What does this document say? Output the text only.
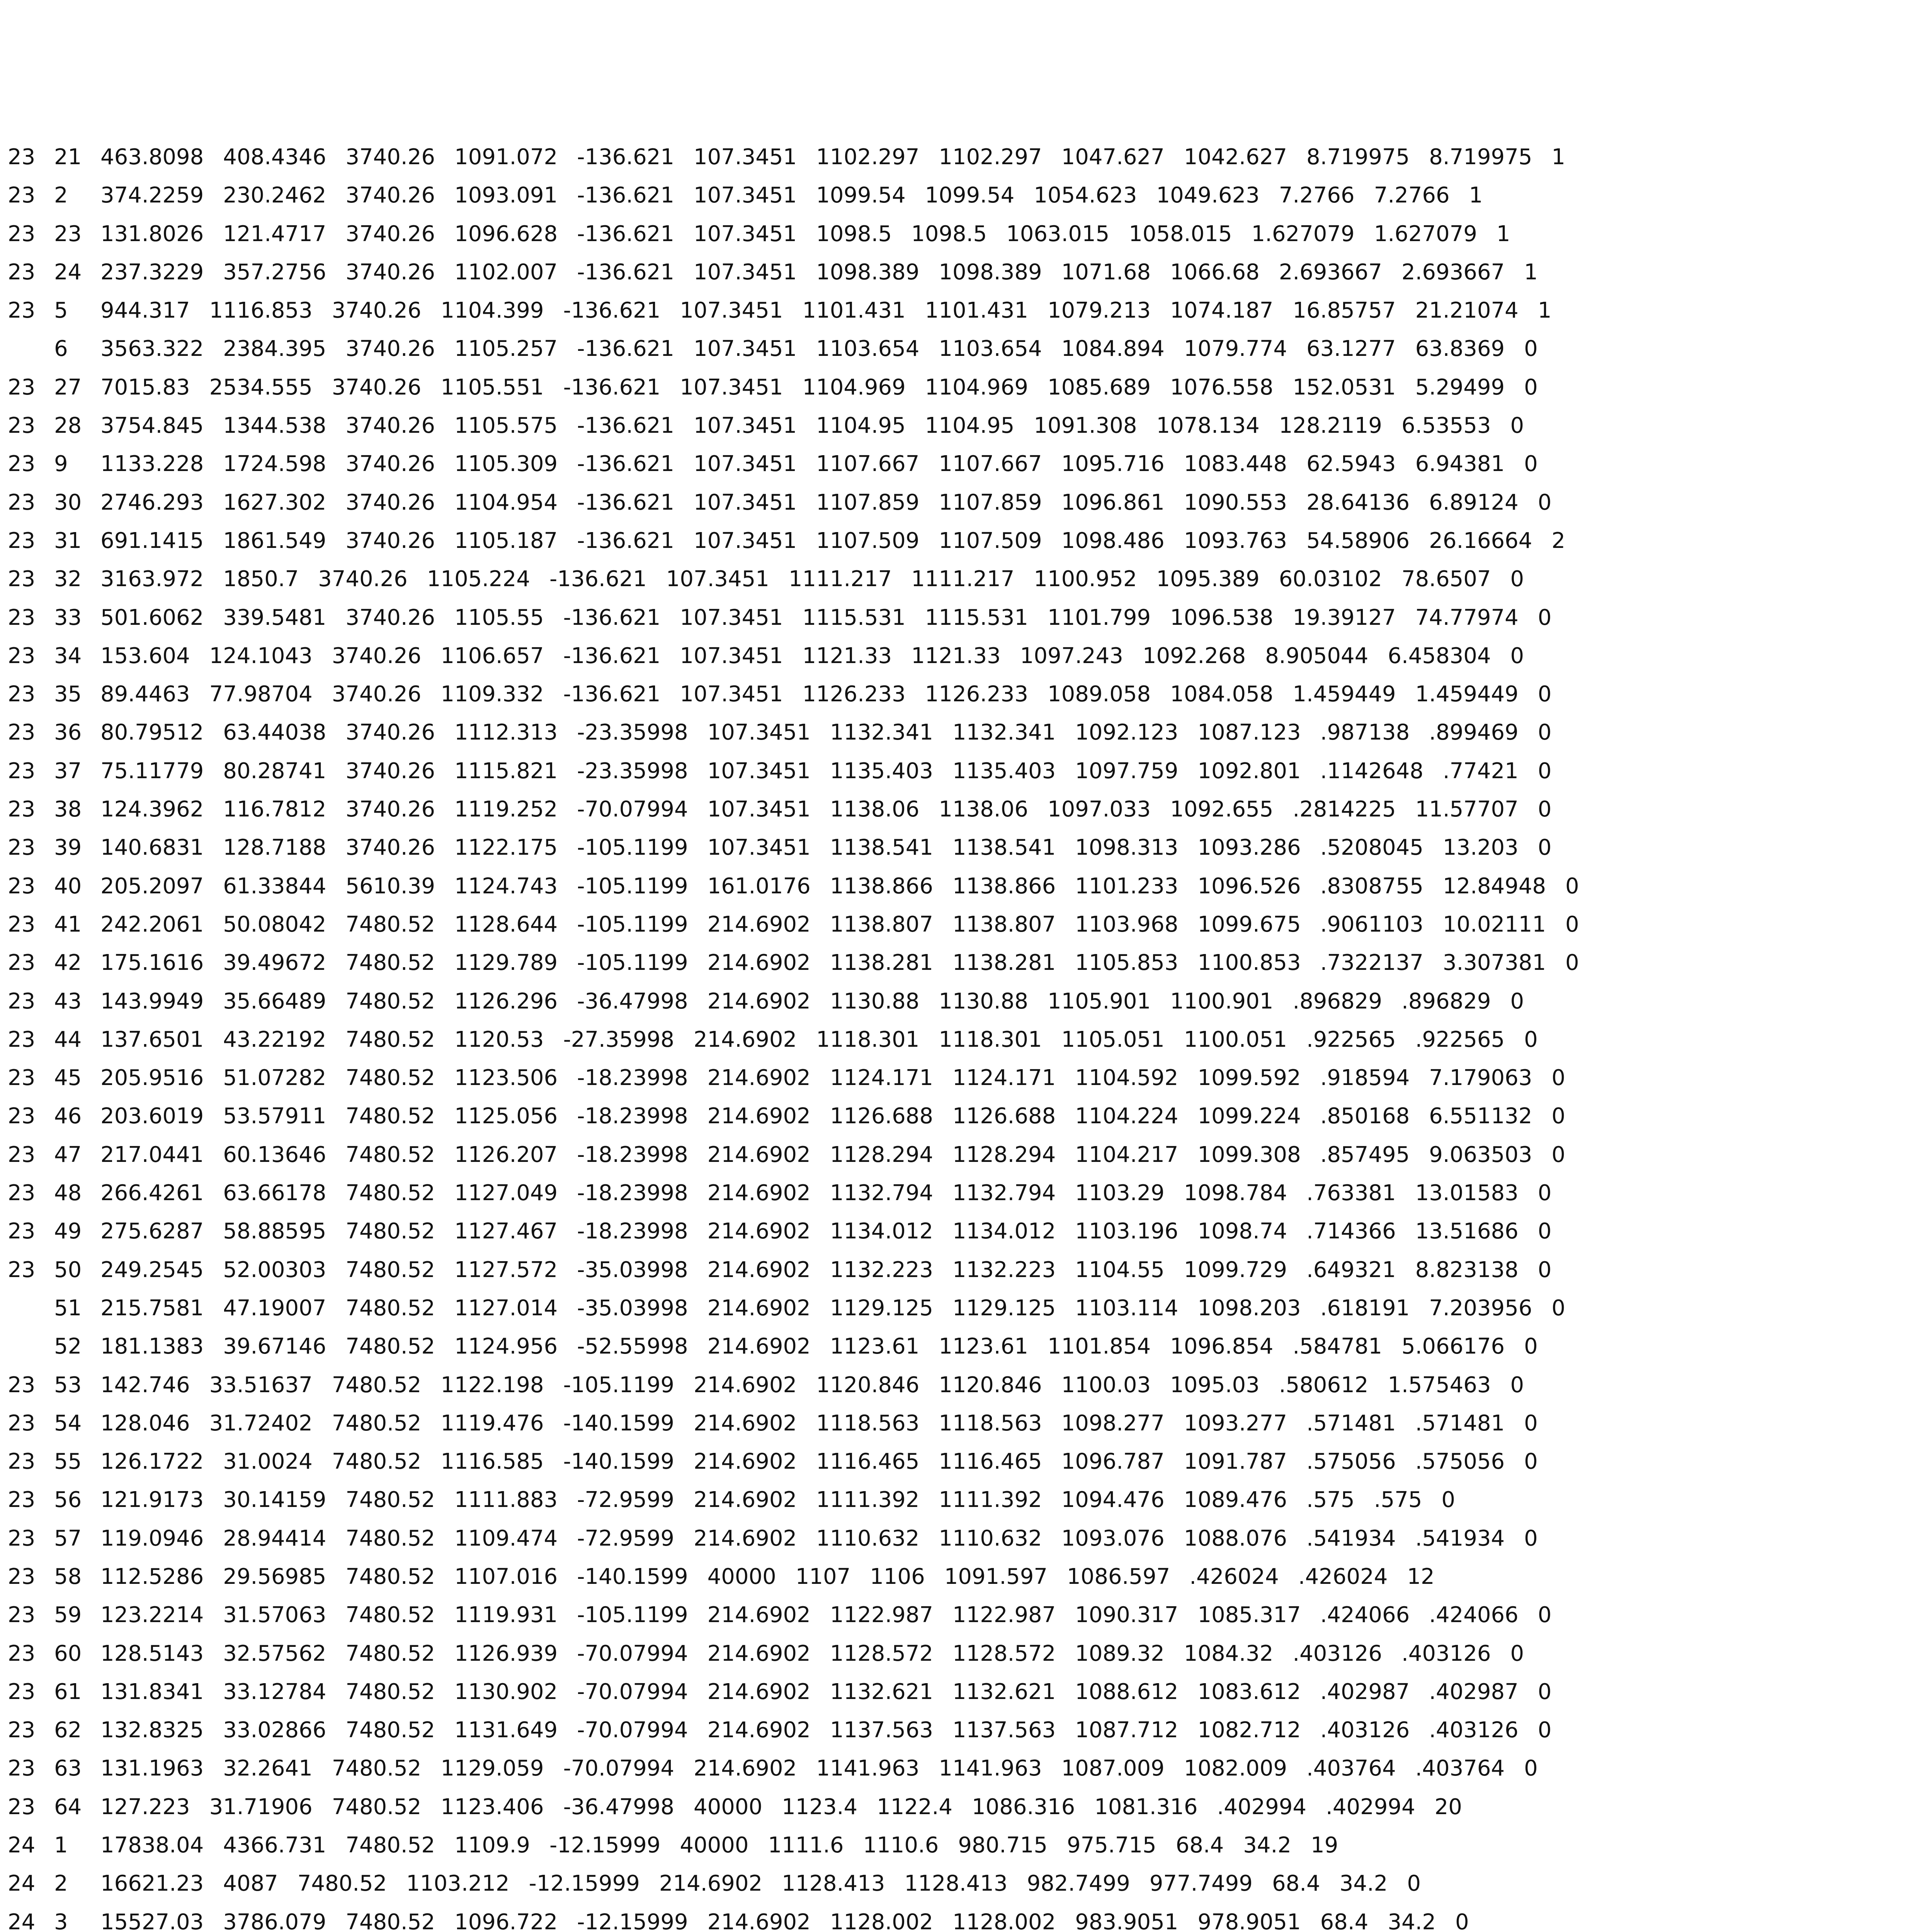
23 21 463.8098 408.4346 3740.26 1091.072 -136.621 107.3451 1102.297 1102.297 1047.627 1042.627 8.719975 8.719975 1
23 2 374.2259 230.2462 3740.26 1093.091 -136.621 107.3451 1099.54 1099.54 1054.623 1049.623 7.2766 7.2766 1
23 23 131.8026 121.4717 3740.26 1096.628 -136.621 107.3451 1098.5 1098.5 1063.015 1058.015 1.627079 1.627079 1
23 24 237.3229 357.2756 3740.26 1102.007 -136.621 107.3451 1098.389 1098.389 1071.68 1066.68 2.693667 2.693667 1
23 5 944.317 1116.853 3740.26 1104.399 -136.621 107.3451 1101.431 1101.431 1079.213 1074.187 16.85757 21.21074 1
6 3563.322 2384.395 3740.26 1105.257 -136.621 107.3451 1103.654 1103.654 1084.894 1079.774 63.1277 63.8369 0
23 27 7015.83 2534.555 3740.26 1105.551 -136.621 107.3451 1104.969 1104.969 1085.689 1076.558 152.0531 5.29499 0
23 28 3754.845 1344.538 3740.26 1105.575 -136.621 107.3451 1104.95 1104.95 1091.308 1078.134 128.2119 6.53553 0
23 9 1133.228 1724.598 3740.26 1105.309 -136.621 107.3451 1107.667 1107.667 1095.716 1083.448 62.5943 6.94381 0
23 30 2746.293 1627.302 3740.26 1104.954 -136.621 107.3451 1107.859 1107.859 1096.861 1090.553 28.64136 6.89124 0
23 31 691.1415 1861.549 3740.26 1105.187 -136.621 107.3451 1107.509 1107.509 1098.486 1093.763 54.58906 26.16664 2
23 32 3163.972 1850.7 3740.26 1105.224 -136.621 107.3451 1111.217 1111.217 1100.952 1095.389 60.03102 78.6507 0
23 33 501.6062 339.5481 3740.26 1105.55 -136.621 107.3451 1115.531 1115.531 1101.799 1096.538 19.39127 74.77974 0
23 34 153.604 124.1043 3740.26 1106.657 -136.621 107.3451 1121.33 1121.33 1097.243 1092.268 8.905044 6.458304 0
23 35 89.4463 77.98704 3740.26 1109.332 -136.621 107.3451 1126.233 1126.233 1089.058 1084.058 1.459449 1.459449 0
23 36 80.79512 63.44038 3740.26 1112.313 -23.35998 107.3451 1132.341 1132.341 1092.123 1087.123 .987138 .899469 0
23 37 75.11779 80.28741 3740.26 1115.821 -23.35998 107.3451 1135.403 1135.403 1097.759 1092.801 .1142648 .77421 0
23 38 124.3962 116.7812 3740.26 1119.252 -70.07994 107.3451 1138.06 1138.06 1097.033 1092.655 .2814225 11.57707 0
23 39 140.6831 128.7188 3740.26 1122.175 -105.1199 107.3451 1138.541 1138.541 1098.313 1093.286 .5208045 13.203 0
23 40 205.2097 61.33844 5610.39 1124.743 -105.1199 161.0176 1138.866 1138.866 1101.233 1096.526 .8308755 12.84948 0
23 41 242.2061 50.08042 7480.52 1128.644 -105.1199 214.6902 1138.807 1138.807 1103.968 1099.675 .9061103 10.02111 0
23 42 175.1616 39.49672 7480.52 1129.789 -105.1199 214.6902 1138.281 1138.281 1105.853 1100.853 .7322137 3.307381 0
23 43 143.9949 35.66489 7480.52 1126.296 -36.47998 214.6902 1130.88 1130.88 1105.901 1100.901 .896829 .896829 0
23 44 137.6501 43.22192 7480.52 1120.53 -27.35998 214.6902 1118.301 1118.301 1105.051 1100.051 .922565 .922565 0
23 45 205.9516 51.07282 7480.52 1123.506 -18.23998 214.6902 1124.171 1124.171 1104.592 1099.592 .918594 7.179063 0
23 46 203.6019 53.57911 7480.52 1125.056 -18.23998 214.6902 1126.688 1126.688 1104.224 1099.224 .850168 6.551132 0
23 47 217.0441 60.13646 7480.52 1126.207 -18.23998 214.6902 1128.294 1128.294 1104.217 1099.308 .857495 9.063503 0
23 48 266.4261 63.66178 7480.52 1127.049 -18.23998 214.6902 1132.794 1132.794 1103.29 1098.784 .763381 13.01583 0
23 49 275.6287 58.88595 7480.52 1127.467 -18.23998 214.6902 1134.012 1134.012 1103.196 1098.74 .714366 13.51686 0
23 50 249.2545 52.00303 7480.52 1127.572 -35.03998 214.6902 1132.223 1132.223 1104.55 1099.729 .649321 8.823138 0
51 215.7581 47.19007 7480.52 1127.014 -35.03998 214.6902 1129.125 1129.125 1103.114 1098.203 .618191 7.203956 0
52 181.1383 39.67146 7480.52 1124.956 -52.55998 214.6902 1123.61 1123.61 1101.854 1096.854 .584781 5.066176 0
23 53 142.746 33.51637 7480.52 1122.198 -105.1199 214.6902 1120.846 1120.846 1100.03 1095.03 .580612 1.575463 0
23 54 128.046 31.72402 7480.52 1119.476 -140.1599 214.6902 1118.563 1118.563 1098.277 1093.277 .571481 .571481 0
23 55 126.1722 31.0024 7480.52 1116.585 -140.1599 214.6902 1116.465 1116.465 1096.787 1091.787 .575056 .575056 0
23 56 121.9173 30.14159 7480.52 1111.883 -72.9599 214.6902 1111.392 1111.392 1094.476 1089.476 .575 .575 0
23 57 119.0946 28.94414 7480.52 1109.474 -72.9599 214.6902 1110.632 1110.632 1093.076 1088.076 .541934 .541934 0
23 58 112.5286 29.56985 7480.52 1107.016 -140.1599 40000 1107 1106 1091.597 1086.597 .426024 .426024 12
23 59 123.2214 31.57063 7480.52 1119.931 -105.1199 214.6902 1122.987 1122.987 1090.317 1085.317 .424066 .424066 0
23 60 128.5143 32.57562 7480.52 1126.939 -70.07994 214.6902 1128.572 1128.572 1089.32 1084.32 .403126 .403126 0
23 61 131.8341 33.12784 7480.52 1130.902 -70.07994 214.6902 1132.621 1132.621 1088.612 1083.612 .402987 .402987 0
23 62 132.8325 33.02866 7480.52 1131.649 -70.07994 214.6902 1137.563 1137.563 1087.712 1082.712 .403126 .403126 0
23 63 131.1963 32.2641 7480.52 1129.059 -70.07994 214.6902 1141.963 1141.963 1087.009 1082.009 .403764 .403764 0
23 64 127.223 31.71906 7480.52 1123.406 -36.47998 40000 1123.4 1122.4 1086.316 1081.316 .402994 .402994 20
24 1 17838.04 4366.731 7480.52 1109.9 -12.15999 40000 1111.6 1110.6 980.715 975.715 68.4 34.2 19
24 2 16621.23 4087 7480.52 1103.212 -12.15999 214.6902 1128.413 1128.413 982.7499 977.7499 68.4 34.2 0
24 3 15527.03 3786.079 7480.52 1096.722 -12.15999 214.6902 1128.002 1128.002 983.9051 978.9051 68.4 34.2 0
